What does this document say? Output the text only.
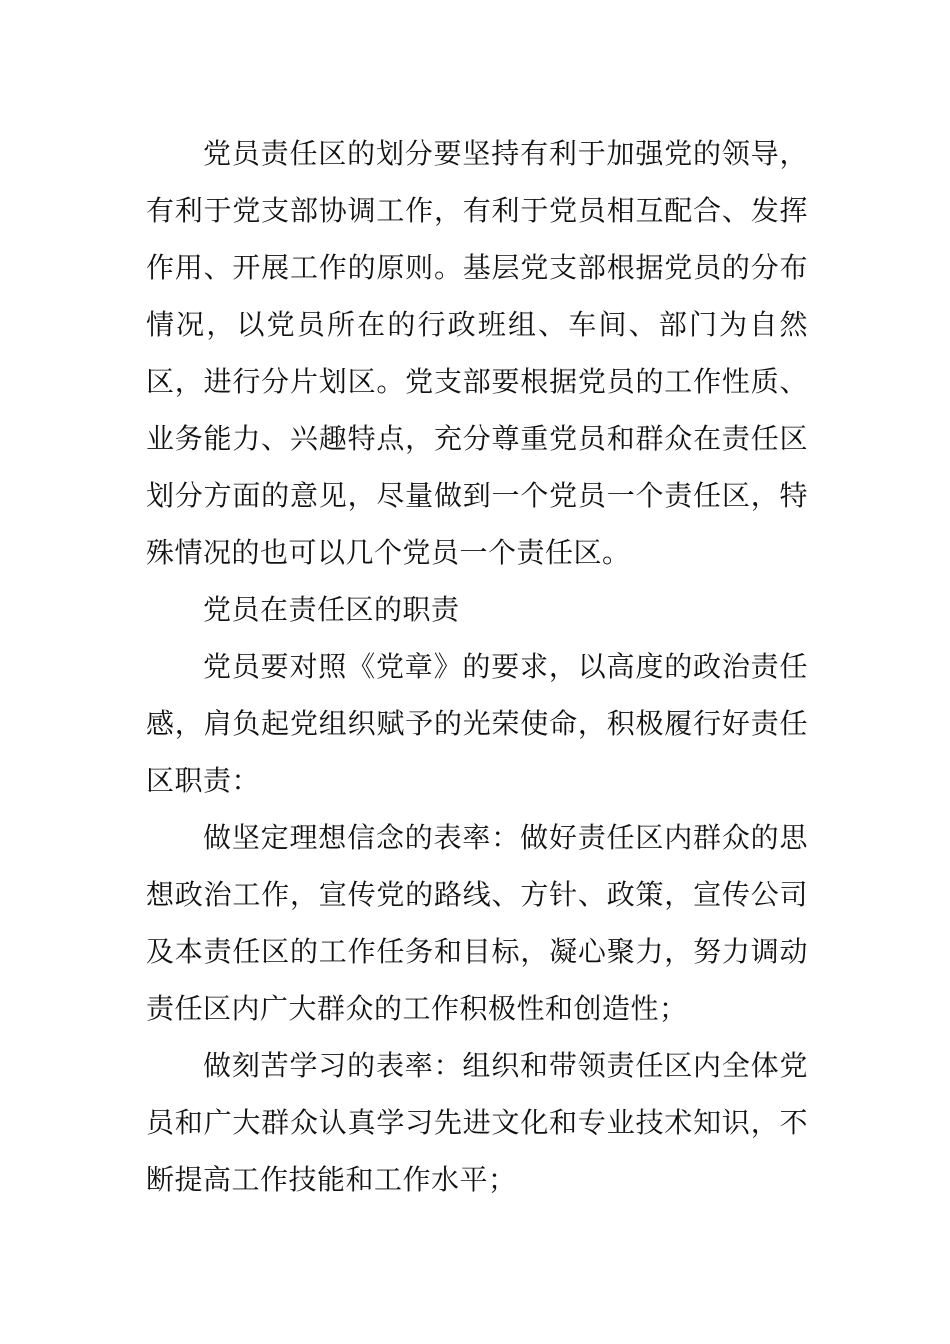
党员责任区的划分要坚持有利于加强党的领导，有利于党支部协调工作，有利于党员相互配合、发挥作用、开展工作的原则。基层党支部根据党员的分布情况，以党员所在的行政班组、车间、部门为自然区，进行分片划区。党支部要根据党员的工作性质、业务能力、兴趣特点，充分尊重党员和群众在责任区划分方面的意见，尽量做到一个党员一个责任区，特殊情况的也可以几个党员一个责任区。

党员在责任区的职责

党员要对照《党章》的要求，以高度的政治责任感，肩负起党组织赋予的光荣使命，积极履行好责任区职责：

做坚定理想信念的表率：做好责任区内群众的思想政治工作，宣传党的路线、方针、政策，宣传公司及本责任区的工作任务和目标，凝心聚力，努力调动责任区内广大群众的工作积极性和创造性；

做刻苦学习的表率：组织和带领责任区内全体党员和广大群众认真学习先进文化和专业技术知识，不断提高工作技能和工作水平；
